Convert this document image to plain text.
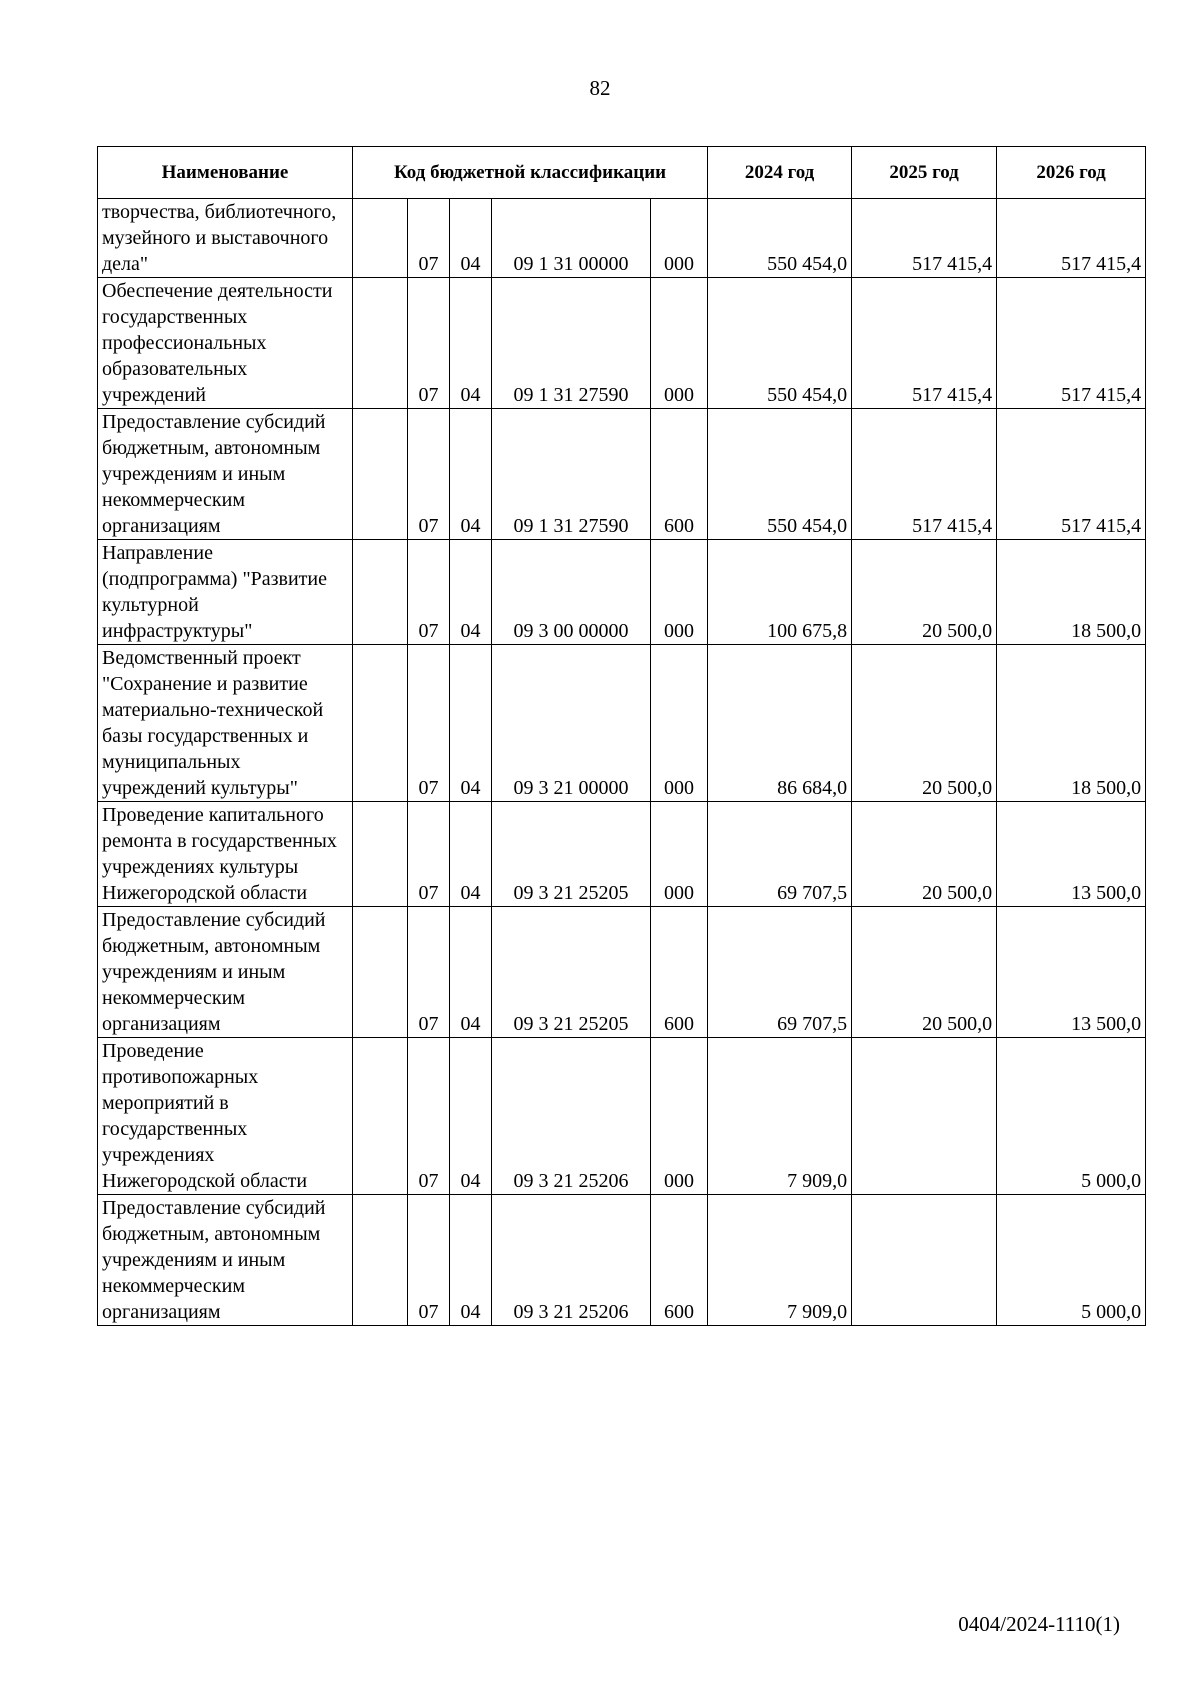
82
Наименование	Код бюджетной классификации					2024 год	2025 год	2026 год
творчества, библиотечного, музейного и выставочного дела"		07	04	09 1 31 00000	000	550 454,0	517 415,4	517 415,4
Обеспечение деятельности государственных профессиональных образовательных учреждений		07	04	09 1 31 27590	000	550 454,0	517 415,4	517 415,4
Предоставление субсидий бюджетным, автономным учреждениям и иным некоммерческим организациям		07	04	09 1 31 27590	600	550 454,0	517 415,4	517 415,4
Направление (подпрограмма) "Развитие культурной инфраструктуры"		07	04	09 3 00 00000	000	100 675,8	20 500,0	18 500,0
Ведомственный проект "Сохранение и развитие материально-технической базы государственных и муниципальных учреждений культуры"		07	04	09 3 21 00000	000	86 684,0	20 500,0	18 500,0
Проведение капитального ремонта в государственных учреждениях культуры Нижегородской области		07	04	09 3 21 25205	000	69 707,5	20 500,0	13 500,0
Предоставление субсидий бюджетным, автономным учреждениям и иным некоммерческим организациям		07	04	09 3 21 25205	600	69 707,5	20 500,0	13 500,0
Проведение противопожарных мероприятий в государственных учреждениях Нижегородской области		07	04	09 3 21 25206	000	7 909,0		5 000,0
Предоставление субсидий бюджетным, автономным учреждениям и иным некоммерческим организациям		07	04	09 3 21 25206	600	7 909,0		5 000,0
0404/2024-1110(1)
